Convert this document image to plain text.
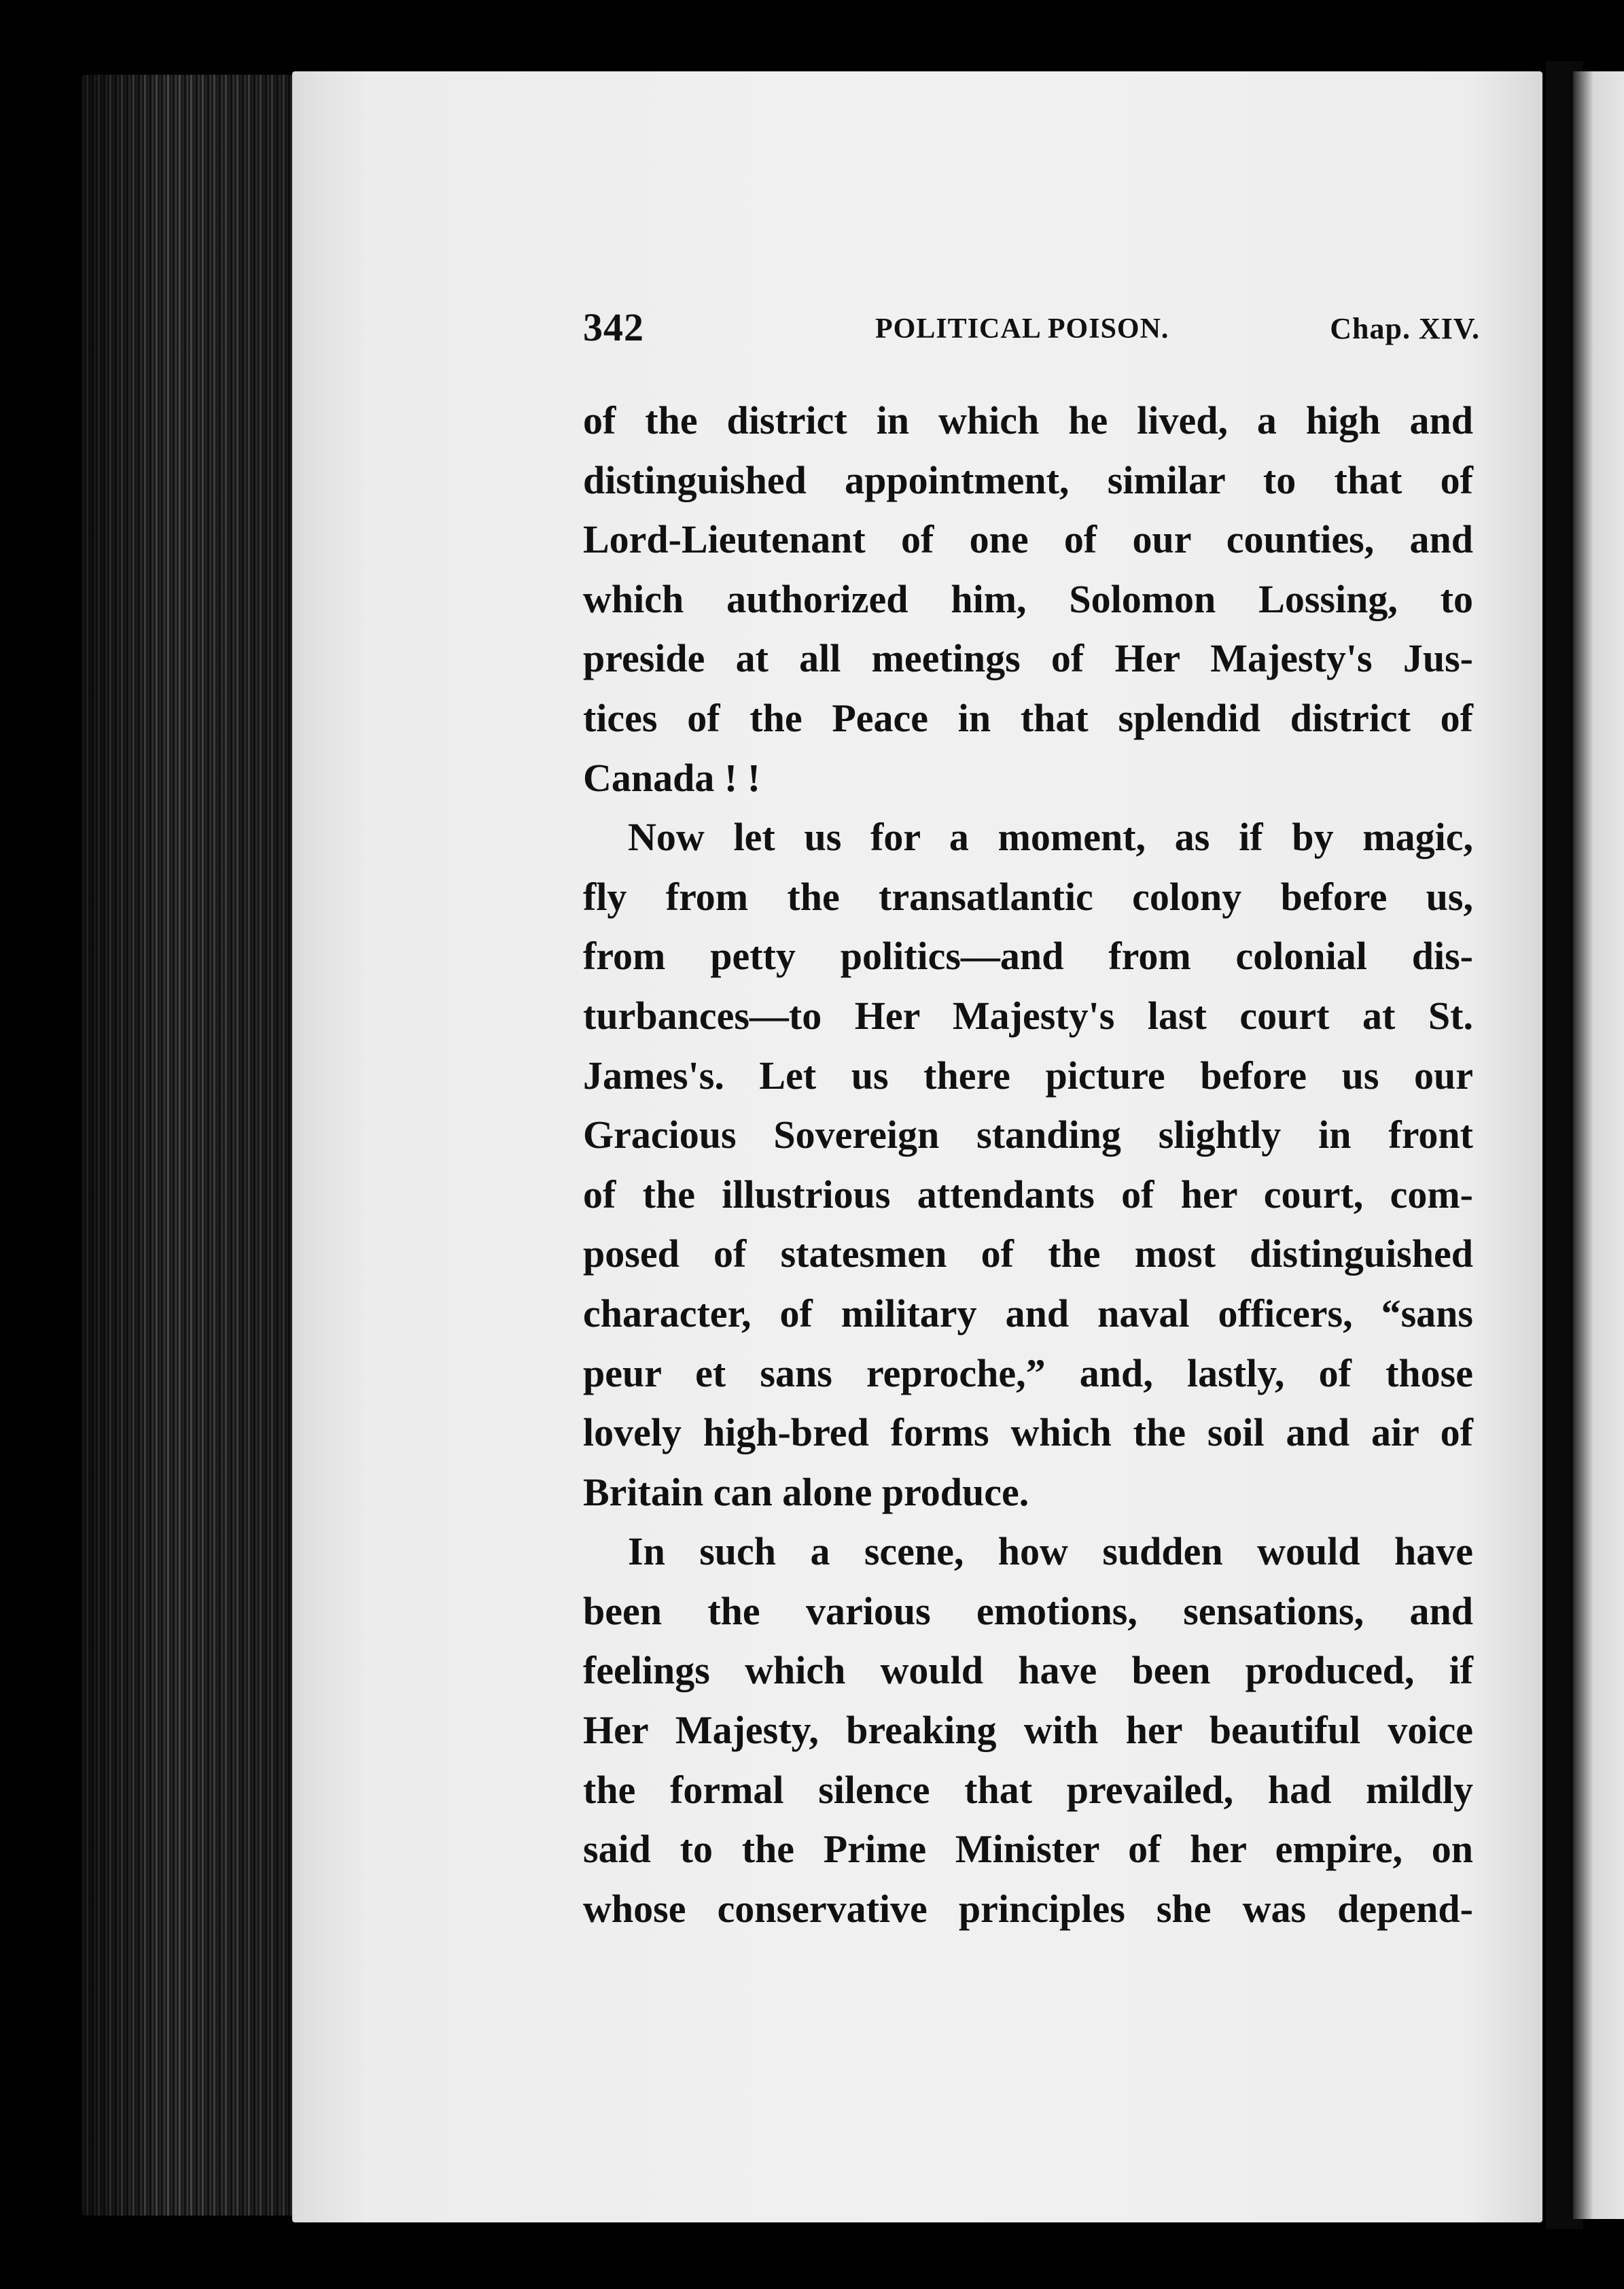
342	POLITICAL POISON.	Chap. XIV.
of the district in which he lived, a high and
distinguished appointment, similar to that of
Lord-Lieutenant of one of our counties, and
which authorized him, Solomon Lossing, to
preside at all meetings of Her Majesty's Jus-
tices of the Peace in that splendid district of
Canada ! !
Now let us for a moment, as if by magic,
fly from the transatlantic colony before us,
from petty politics—and from colonial dis-
turbances—to Her Majesty's last court at St.
James's. Let us there picture before us our
Gracious Sovereign standing slightly in front
of the illustrious attendants of her court, com-
posed of statesmen of the most distinguished
character, of military and naval officers, “sans
peur et sans reproche,” and, lastly, of those
lovely high-bred forms which the soil and air of
Britain can alone produce.
In such a scene, how sudden would have
been the various emotions, sensations, and
feelings which would have been produced, if
Her Majesty, breaking with her beautiful voice
the formal silence that prevailed, had mildly
said to the Prime Minister of her empire, on
whose conservative principles she was depend-
